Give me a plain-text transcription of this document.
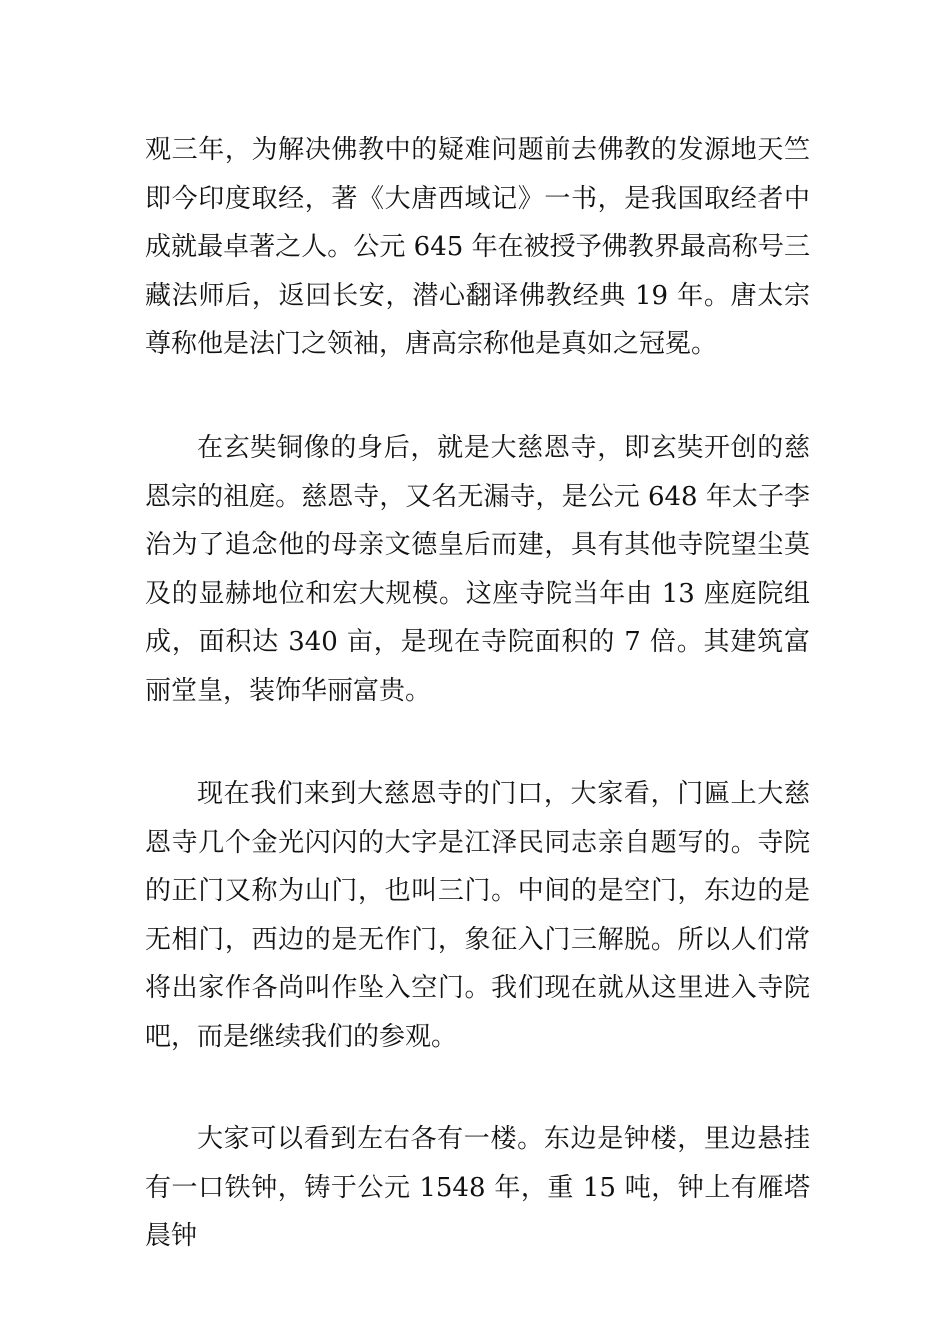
观三年，为解决佛教中的疑难问题前去佛教的发源地天竺即今印度取经，著《大唐西域记》一书，是我国取经者中成就最卓著之人。公元 645 年在被授予佛教界最高称号三藏法师后，返回长安，潜心翻译佛教经典 19 年。唐太宗尊称他是法门之领袖，唐高宗称他是真如之冠冕。

在玄奘铜像的身后，就是大慈恩寺，即玄奘开创的慈恩宗的祖庭。慈恩寺，又名无漏寺，是公元 648 年太子李治为了追念他的母亲文德皇后而建，具有其他寺院望尘莫及的显赫地位和宏大规模。这座寺院当年由 13 座庭院组成，面积达 340 亩，是现在寺院面积的 7 倍。其建筑富丽堂皇，装饰华丽富贵。

现在我们来到大慈恩寺的门口，大家看，门匾上大慈恩寺几个金光闪闪的大字是江泽民同志亲自题写的。寺院的正门又称为山门，也叫三门。中间的是空门，东边的是无相门，西边的是无作门，象征入门三解脱。所以人们常将出家作各尚叫作坠入空门。我们现在就从这里进入寺院吧，而是继续我们的参观。

大家可以看到左右各有一楼。东边是钟楼，里边悬挂有一口铁钟，铸于公元 1548 年，重 15 吨，钟上有雁塔晨钟
